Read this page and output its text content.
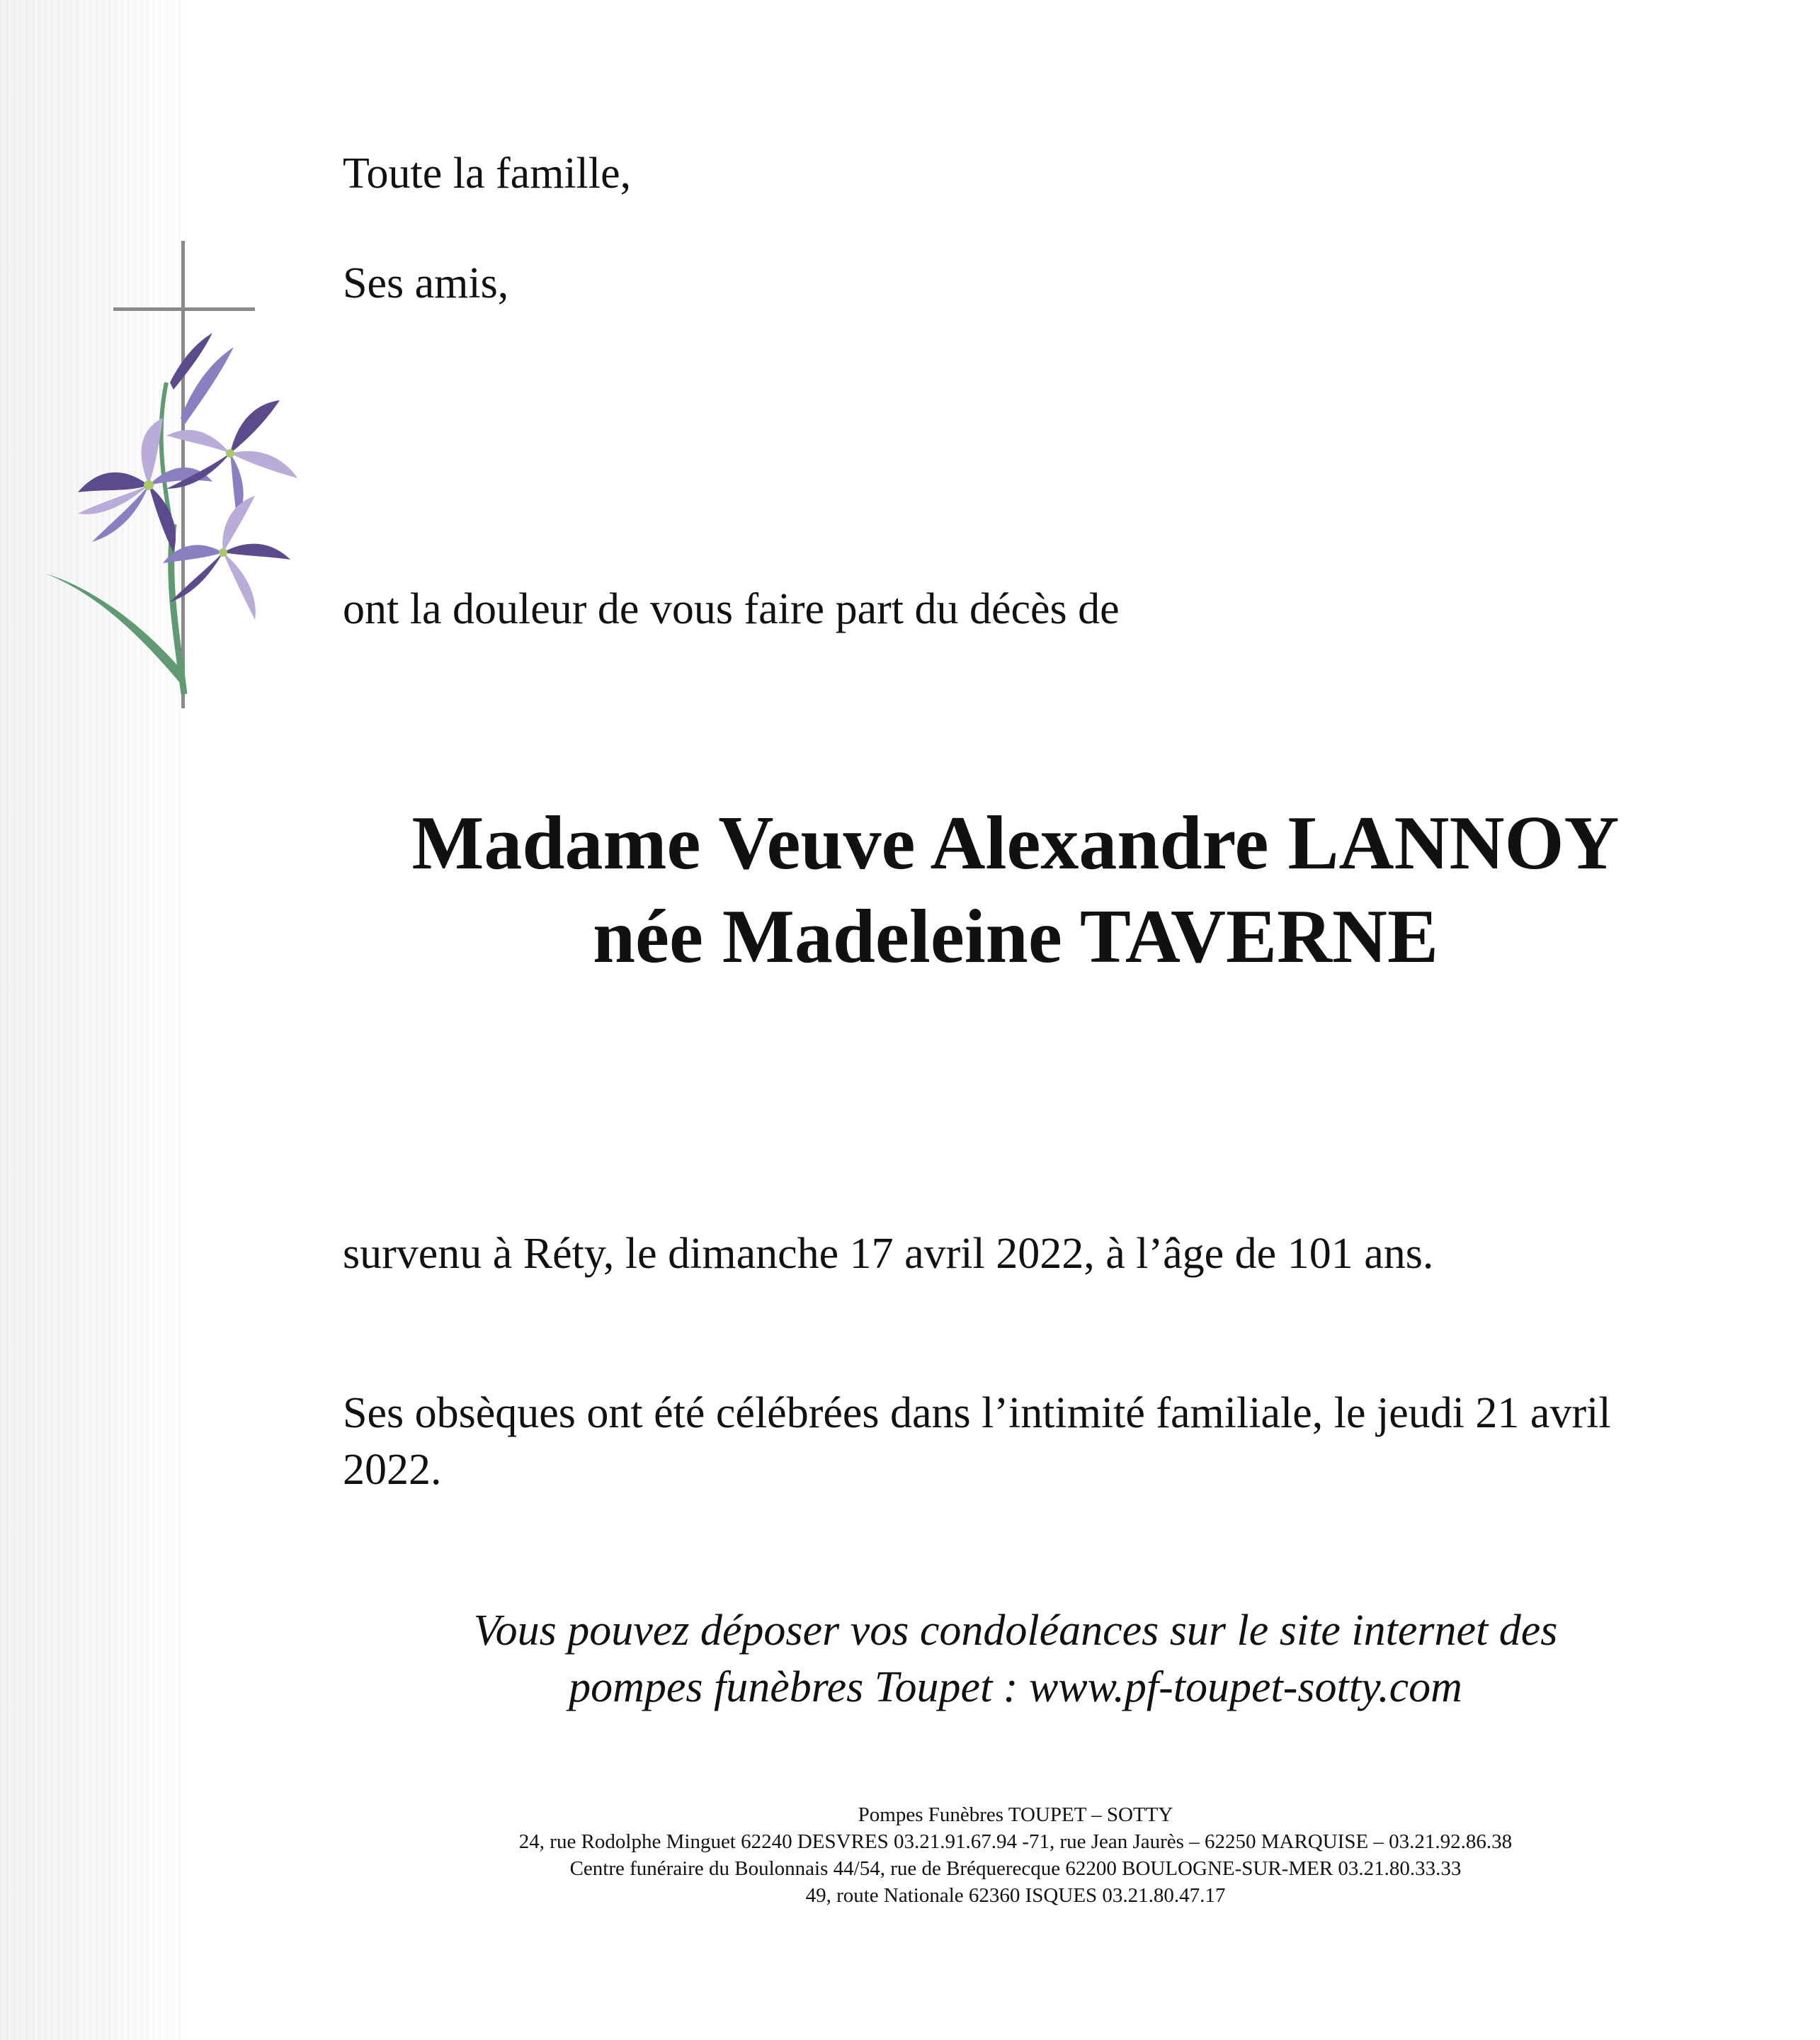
Toute la famille,

Ses amis,

ont la douleur de vous faire part du décès de

Madame Veuve Alexandre LANNOY
née Madeleine TAVERNE

survenu à Réty, le dimanche 17 avril 2022, à l’âge de 101 ans.

Ses obsèques ont été célébrées dans l’intimité familiale, le jeudi 21 avril 2022.

Vous pouvez déposer vos condoléances sur le site internet des
pompes funèbres Toupet : www.pf-toupet-sotty.com
Pompes Funèbres TOUPET – SOTTY
24, rue Rodolphe Minguet 62240 DESVRES 03.21.91.67.94 -71, rue Jean Jaurès – 62250 MARQUISE – 03.21.92.86.38
Centre funéraire du Boulonnais 44/54, rue de Bréquerecque 62200 BOULOGNE-SUR-MER 03.21.80.33.33
49, route Nationale 62360 ISQUES 03.21.80.47.17
